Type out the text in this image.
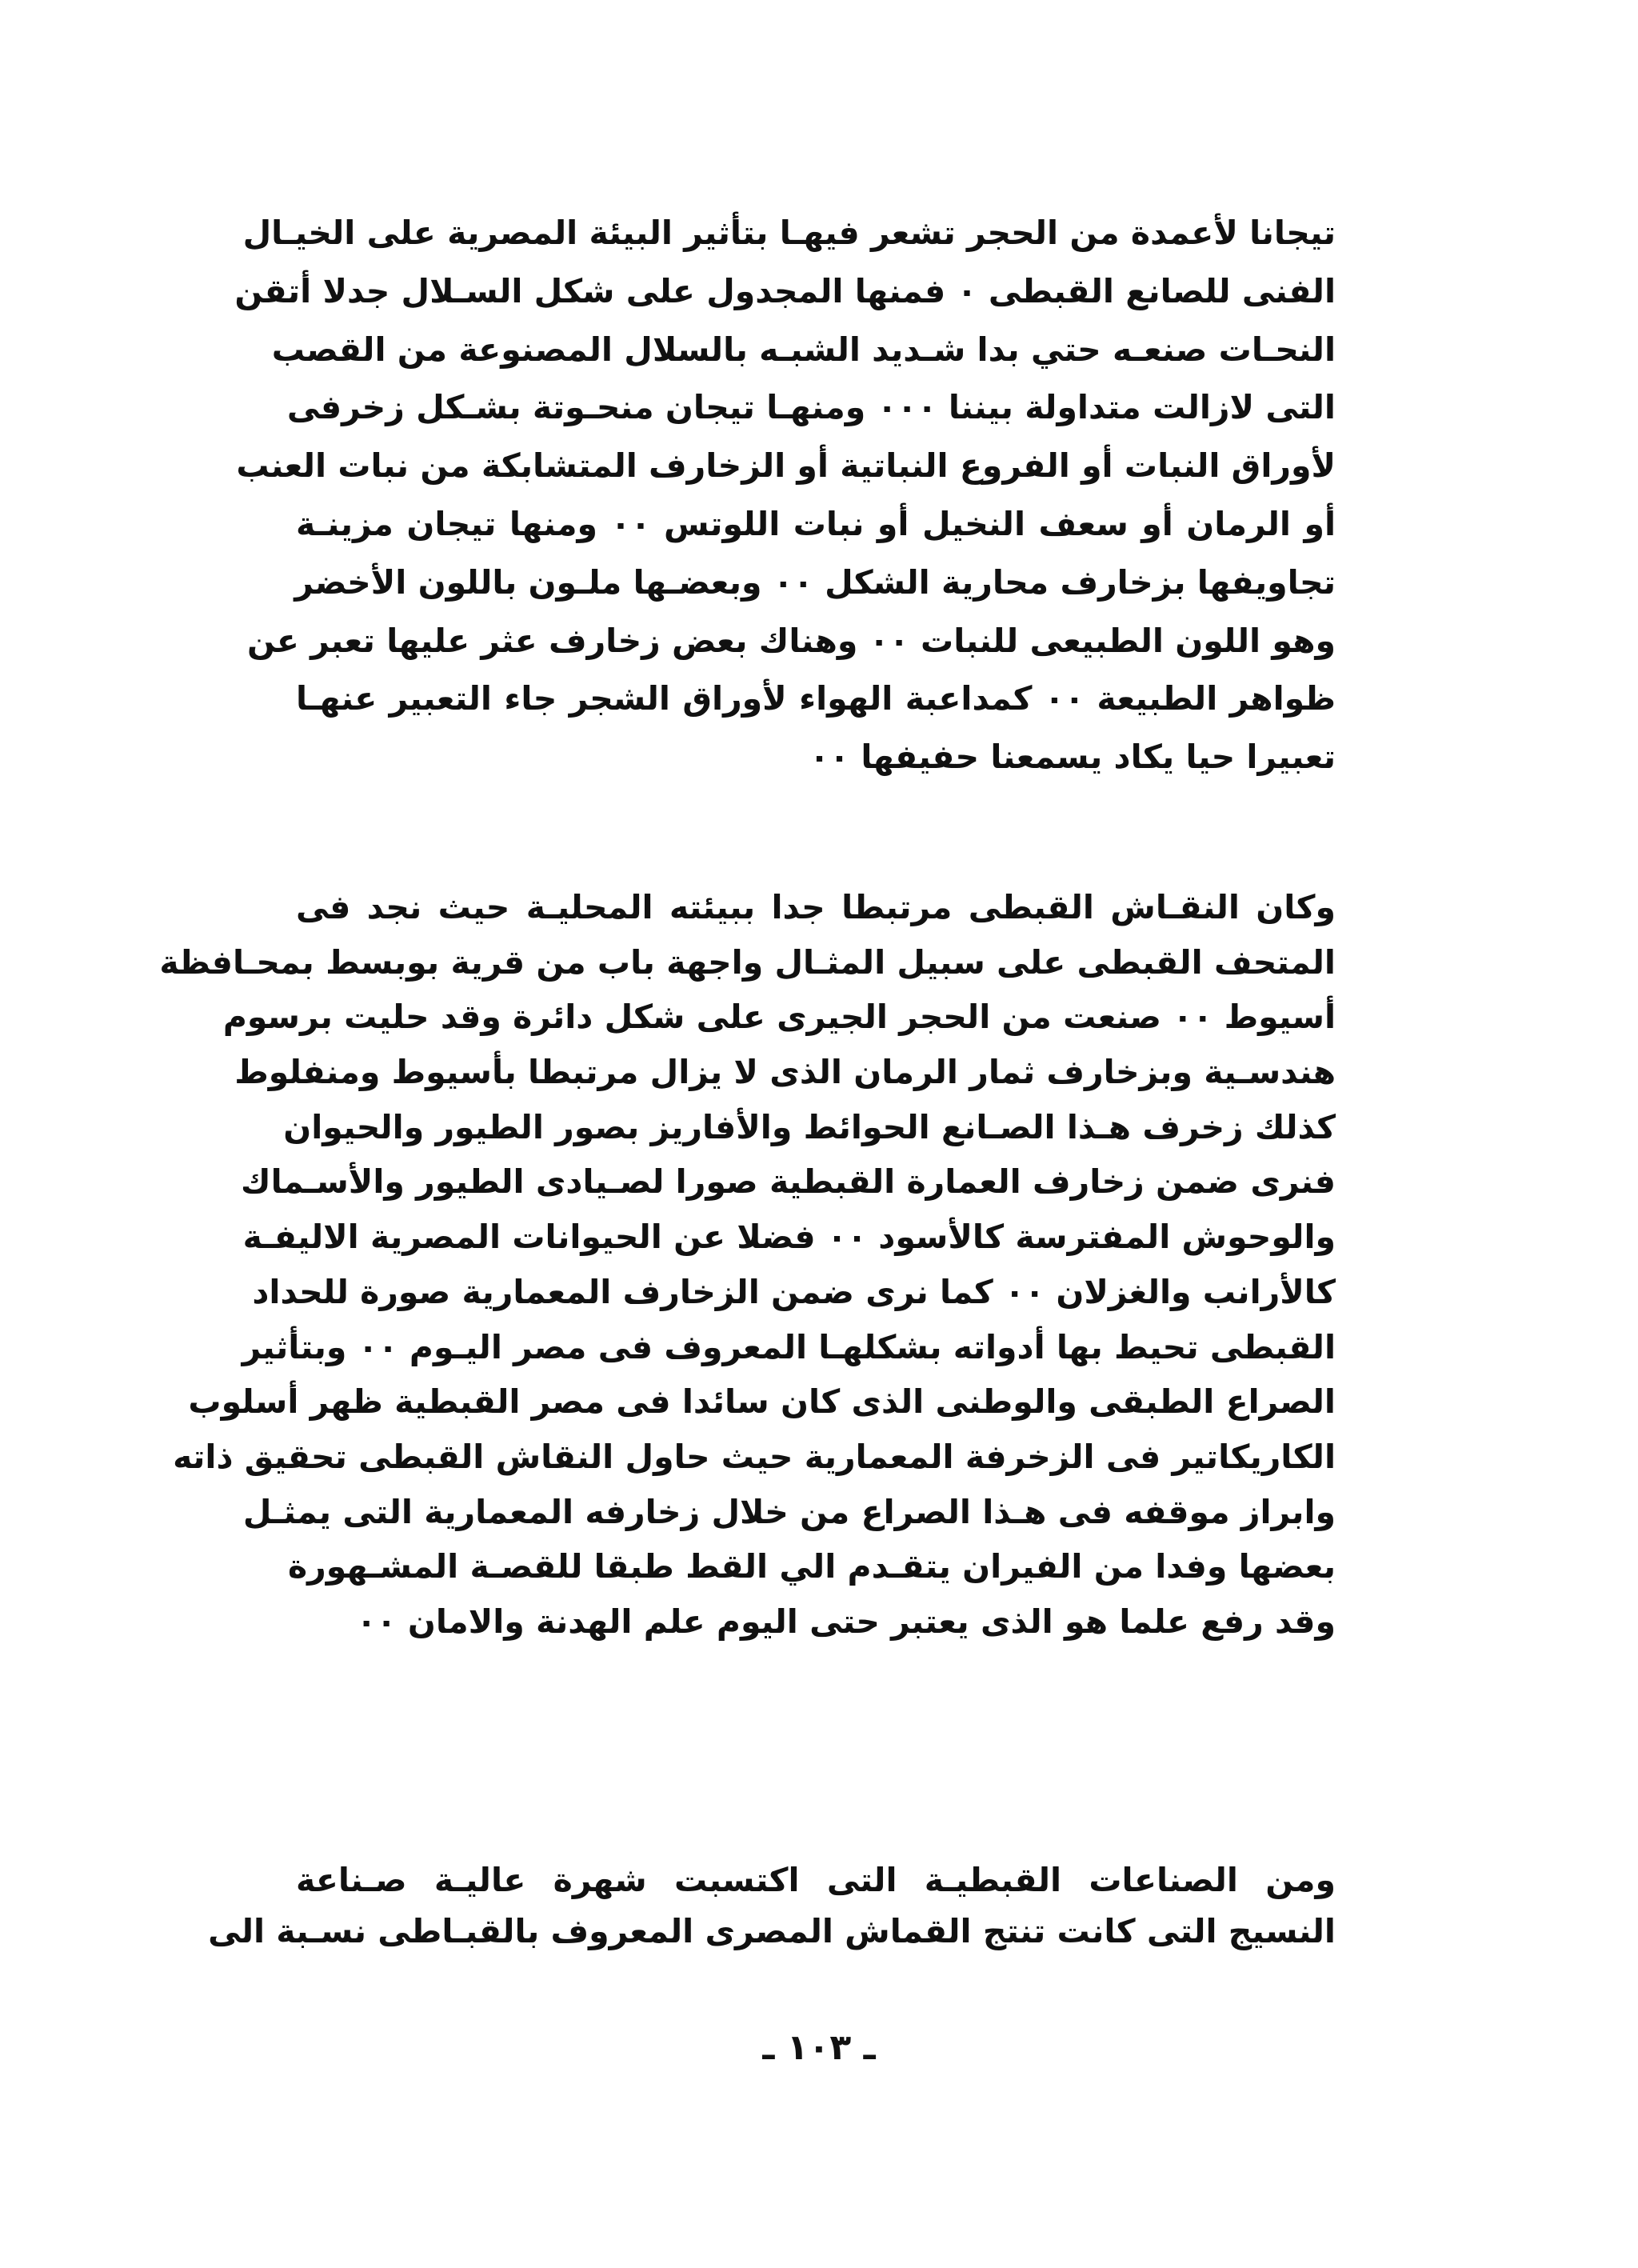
تيجانا لأعمدة من الحجر تشعر فيهـا بتأثير البيئة المصرية على الخيـال
الفنى للصانع القبطى ٠ فمنها المجدول على شكل السـلال جدلا أتقن
النحـات صنعـه حتي بدا شـديد الشبـه بالسلال المصنوعة من القصب
التى لازالت متداولة بيننا ٠٠٠ ومنهـا تيجان منحـوتة بشـكل زخرفى
لأوراق النبات أو الفروع النباتية أو الزخارف المتشابكة من نبات العنب
أو الرمان أو سعف النخيل أو نبات اللوتس ٠٠ ومنها تيجان مزينـة
تجاويفها بزخارف محارية الشكل ٠٠ وبعضـها ملـون باللون الأخضر
وهو اللون الطبيعى للنبات ٠٠ وهناك بعض زخارف عثر عليها تعبر عن
ظواهر الطبيعة ٠٠ كمداعبة الهواء لأوراق الشجر جاء التعبير عنهـا
تعبيرا حيا يكاد يسمعنا حفيفها ٠٠
وكان النقـاش القبطى مرتبطا جدا ببيئته المحليـة حيث نجد فى
المتحف القبطى على سبيل المثـال واجهة باب من قرية بوبسط بمحـافظة
أسيوط ٠٠ صنعت من الحجر الجيرى على شكل دائرة وقد حليت برسوم
هندسـية وبزخارف ثمار الرمان الذى لا يزال مرتبطا بأسيوط ومنفلوط
كذلك زخرف هـذا الصـانع الحوائط والأفاريز بصور الطيور والحيوان
فنرى ضمن زخارف العمارة القبطية صورا لصـيادى الطيور والأسـماك
والوحوش المفترسة كالأسود ٠٠ فضلا عن الحيوانات المصرية الاليفـة
كالأرانب والغزلان ٠٠ كما نرى ضمن الزخارف المعمارية صورة للحداد
القبطى تحيط بها أدواته بشكلهـا المعروف فى مصر اليـوم ٠٠ وبتأثير
الصراع الطبقى والوطنى الذى كان سائدا فى مصر القبطية ظهر أسلوب
الكاريكاتير فى الزخرفة المعمارية حيث حاول النقاش القبطى تحقيق ذاته
وابراز موقفه فى هـذا الصراع من خلال زخارفه المعمارية التى يمثـل
بعضها وفدا من الفيران يتقـدم الي القط طبقا للقصـة المشـهورة
وقد رفع علما هو الذى يعتبر حتى اليوم علم الهدنة والامان ٠٠
ومن الصناعات القبطيـة التى اكتسبت شهرة عاليـة صـناعة
النسيج التى كانت تنتج القماش المصرى المعروف بالقبـاطى نسـبة الى
ـ ١٠٣ ـ
